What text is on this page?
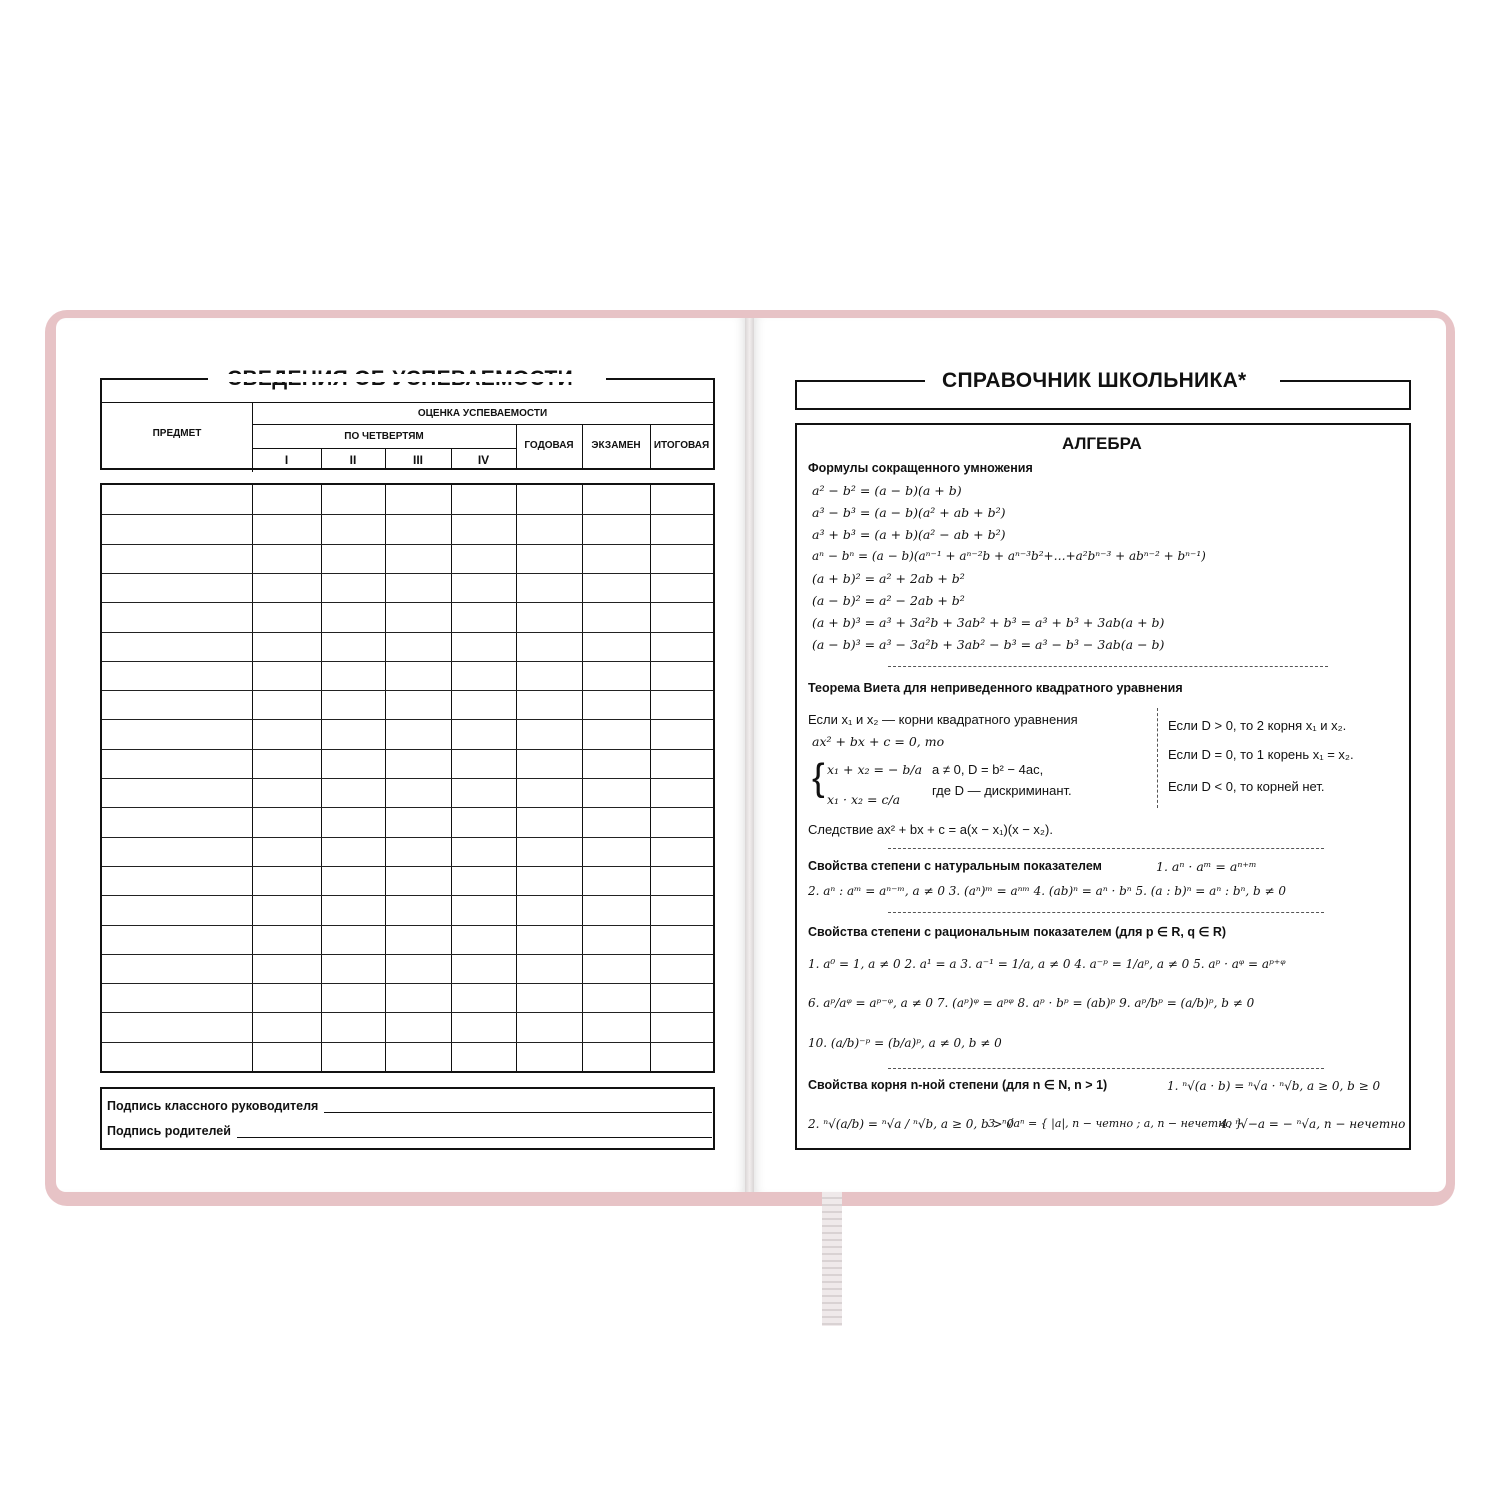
ПРЕДМЕТ
ОЦЕНКА УСПЕВАЕМОСТИ
ПО ЧЕТВЕРТЯМ
I	II	III	IV
ГОДОВАЯ	ЭКЗАМЕН	ИТОГОВАЯ
Подпись классного руководителя
Подпись родителей
СПРАВОЧНИК ШКОЛЬНИКА*
АЛГЕБРА
Формулы сокращенного умножения
a² − b² = (a − b)(a + b)
a³ − b³ = (a − b)(a² + ab + b²)
a³ + b³ = (a + b)(a² − ab + b²)
aⁿ − bⁿ = (a − b)(aⁿ⁻¹ + aⁿ⁻²b + aⁿ⁻³b²+…+a²bⁿ⁻³ + abⁿ⁻² + bⁿ⁻¹)
(a + b)² = a² + 2ab + b²
(a − b)² = a² − 2ab + b²
(a + b)³ = a³ + 3a²b + 3ab² + b³ = a³ + b³ + 3ab(a + b)
(a − b)³ = a³ − 3a²b + 3ab² − b³ = a³ − b³ − 3ab(a − b)
Теорема Виета для неприведенного квадратного уравнения
Если x₁ и x₂ — корни квадратного уравнения
ax² + bx + c = 0, то
{ x₁ + x₂ = − b/a
x₁ · x₂ = c/a
a ≠ 0, D = b² − 4ac,
где D — дискриминант.
Следствие ax² + bx + c = a(x − x₁)(x − x₂).
Если D > 0, то 2 корня x₁ и x₂.
Если D = 0, то 1 корень x₁ = x₂.
Если D < 0, то корней нет.
Свойства степени с натуральным показателем	1. aⁿ · aᵐ = aⁿ⁺ᵐ
2. aⁿ : aᵐ = aⁿ⁻ᵐ, a ≠ 0 3. (aⁿ)ᵐ = aⁿᵐ 4. (ab)ⁿ = aⁿ · bⁿ 5. (a : b)ⁿ = aⁿ : bⁿ, b ≠ 0
Свойства степени с рациональным показателем (для p ∈ R, q ∈ R)
1. a⁰ = 1, a ≠ 0 2. a¹ = a 3. a⁻¹ = 1/a, a ≠ 0 4. a⁻ᵖ = 1/aᵖ, a ≠ 0 5. aᵖ · aᵠ = aᵖ⁺ᵠ
6. aᵖ/aᵠ = aᵖ⁻ᵠ, a ≠ 0 7. (aᵖ)ᵠ = aᵖᵠ 8. aᵖ · bᵖ = (ab)ᵖ 9. aᵖ/bᵖ = (a/b)ᵖ, b ≠ 0
10. (a/b)⁻ᵖ = (b/a)ᵖ, a ≠ 0, b ≠ 0
Свойства корня n-ной степени (для n ∈ N, n > 1)	1. ⁿ√(a · b) = ⁿ√a · ⁿ√b, a ≥ 0, b ≥ 0
2. ⁿ√(a/b) = ⁿ√a / ⁿ√b, a ≥ 0, b > 0
3. ⁿ√aⁿ = { |a|, n − четно ; a, n − нечетно }
4. ⁿ√−a = − ⁿ√a, n − нечетно
